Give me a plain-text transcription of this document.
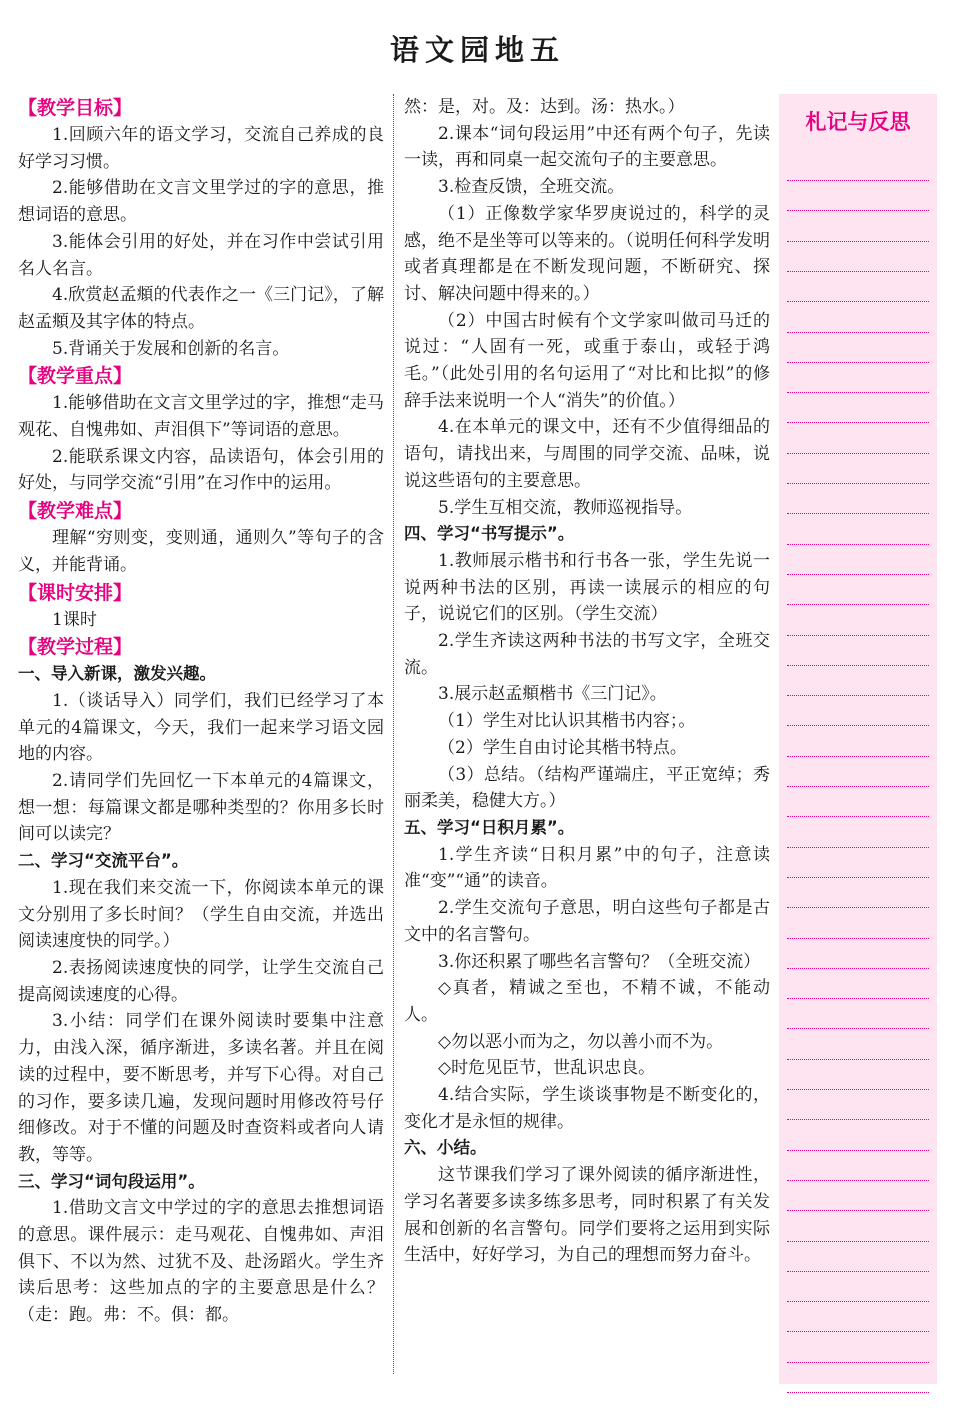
语文园地五

【教学目标】

1.回顾六年的语文学习，交流自己养成的良好学习习惯。

2.能够借助在文言文里学过的字的意思，推想词语的意思。

3.能体会引用的好处，并在习作中尝试引用名人名言。

4.欣赏赵孟頫的代表作之一《三门记》，了解赵孟頫及其字体的特点。

5.背诵关于发展和创新的名言。

【教学重点】

1.能够借助在文言文里学过的字，推想“走马观花、自愧弗如、声泪俱下”等词语的意思。

2.能联系课文内容，品读语句，体会引用的好处，与同学交流“引用”在习作中的运用。

【教学难点】

理解“穷则变，变则通，通则久”等句子的含义，并能背诵。

【课时安排】

1课时

【教学过程】

一、导入新课，激发兴趣。

1.（谈话导入）同学们，我们已经学习了本单元的4篇课文，今天，我们一起来学习语文园地的内容。

2.请同学们先回忆一下本单元的4篇课文，想一想：每篇课文都是哪种类型的？你用多长时间可以读完？

二、学习“交流平台”。

1.现在我们来交流一下，你阅读本单元的课文分别用了多长时间？（学生自由交流，并选出阅读速度快的同学。）

2.表扬阅读速度快的同学，让学生交流自己提高阅读速度的心得。

3.小结：同学们在课外阅读时要集中注意力，由浅入深，循序渐进，多读名著。并且在阅读的过程中，要不断思考，并写下心得。对自己的习作，要多读几遍，发现问题时用修改符号仔细修改。对于不懂的问题及时查资料或者向人请教，等等。

三、学习“词句段运用”。

1.借助文言文中学过的字的意思去推想词语的意思。课件展示：走马观花、自愧弗如、声泪俱下、不以为然、过犹不及、赴汤蹈火。学生齐读后思考：这些加点的字的主要意思是什么？（走：跑。弗：不。俱：都。

然：是，对。及：达到。汤：热水。）

2.课本“词句段运用”中还有两个句子，先读一读，再和同桌一起交流句子的主要意思。

3.检查反馈，全班交流。

（1）正像数学家华罗庚说过的，科学的灵感，绝不是坐等可以等来的。（说明任何科学发明或者真理都是在不断发现问题，不断研究、探讨、解决问题中得来的。）

（2）中国古时候有个文学家叫做司马迁的说过：“人固有一死，或重于泰山，或轻于鸿毛。”（此处引用的名句运用了“对比和比拟”的修辞手法来说明一个人“消失”的价值。）

4.在本单元的课文中，还有不少值得细品的语句，请找出来，与周围的同学交流、品味，说说这些语句的主要意思。

5.学生互相交流，教师巡视指导。

四、学习“书写提示”。

1.教师展示楷书和行书各一张，学生先说一说两种书法的区别，再读一读展示的相应的句子，说说它们的区别。（学生交流）

2.学生齐读这两种书法的书写文字，全班交流。

3.展示赵孟頫楷书《三门记》。

（1）学生对比认识其楷书内容；。

（2）学生自由讨论其楷书特点。

（3）总结。（结构严谨端庄，平正宽绰；秀丽柔美，稳健大方。）

五、学习“日积月累”。

1.学生齐读“日积月累”中的句子，注意读准“变”“通”的读音。

2.学生交流句子意思，明白这些句子都是古文中的名言警句。

3.你还积累了哪些名言警句？（全班交流）

◇真者，精诚之至也，不精不诚，不能动人。

◇勿以恶小而为之，勿以善小而不为。

◇时危见臣节，世乱识忠良。

4.结合实际，学生谈谈事物是不断变化的，变化才是永恒的规律。

六、小结。

这节课我们学习了课外阅读的循序渐进性，学习名著要多读多练多思考，同时积累了有关发展和创新的名言警句。同学们要将之运用到实际生活中，好好学习，为自己的理想而努力奋斗。

札记与反思

42
